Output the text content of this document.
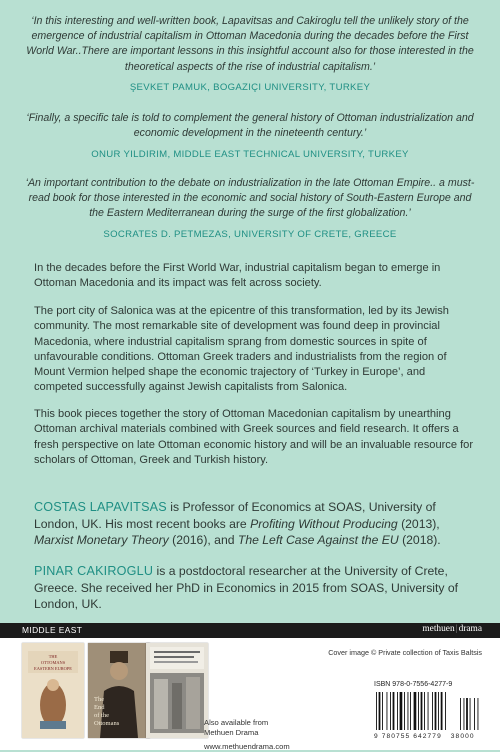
‘In this interesting and well-written book, Lapavitsas and Cakiroglu tell the unlikely story of the emergence of industrial capitalism in Ottoman Macedonia during the decades before the First World War..There are important lessons in this insightful account also for those interested in the theoretical aspects of the rise of industrial capitalism.’
ŞEVKET PAMUK, BOGAZIÇI UNIVERSITY, TURKEY
‘Finally, a specific tale is told to complement the general history of Ottoman industrialization and economic development in the nineteenth century.’
ONUR YILDIRIM, MIDDLE EAST TECHNICAL UNIVERSITY, TURKEY
‘An important contribution to the debate on industrialization in the late Ottoman Empire.. a must-read book for those interested in the economic and social history of South-Eastern Europe and the Eastern Mediterranean during the surge of the first globalization.’
SOCRATES D. PETMEZAS, UNIVERSITY OF CRETE, GREECE
In the decades before the First World War, industrial capitalism began to emerge in Ottoman Macedonia and its impact was felt across society.
The port city of Salonica was at the epicentre of this transformation, led by its Jewish community. The most remarkable site of development was found deep in provincial Macedonia, where industrial capitalism sprang from domestic sources in spite of unfavourable conditions. Ottoman Greek traders and industrialists from the region of Mount Vermion helped shape the economic trajectory of ‘Turkey in Europe’, and competed successfully against Jewish capitalists from Salonica.
This book pieces together the story of Ottoman Macedonian capitalism by unearthing Ottoman archival materials combined with Greek sources and field research. It offers a fresh perspective on late Ottoman economic history and will be an invaluable resource for scholars of Ottoman, Greek and Turkish history.
COSTAS LAPAVITSAS is Professor of Economics at SOAS, University of London, UK. His most recent books are Profiting Without Producing (2013), Marxist Monetary Theory (2016), and The Left Case Against the EU (2018).
PINAR CAKIROGLU is a postdoctoral researcher at the University of Crete, Greece. She received her PhD in Economics in 2015 from SOAS, University of London, UK.
MIDDLE EAST	methuen|drama
THE
OTTOMANS
EASTERN EUROPE
The
End
of the
Ottomans	Also available from
Methuen Drama
www.methuendrama.com
Cover image © Private collection of Taxis Baltsis
ISBN 978-0-7556-4277-9
9 780755 642779 38000
